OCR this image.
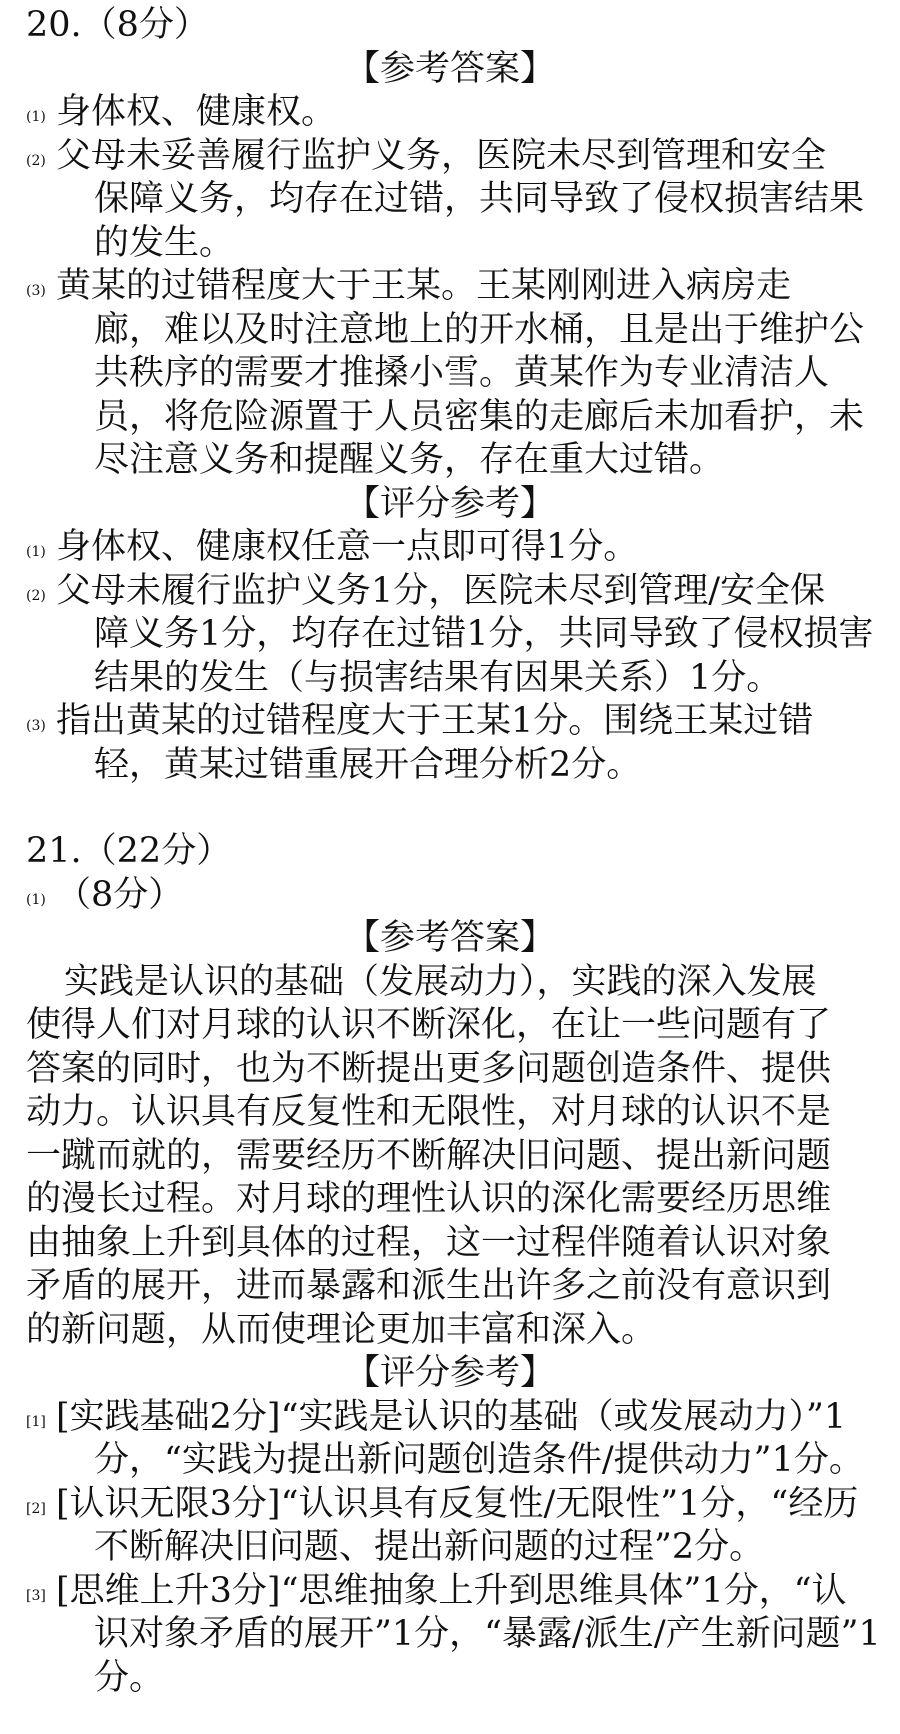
20.（8分）
【参考答案】
(1) 身体权、健康权。
(2) 父母未妥善履行监护义务，医院未尽到管理和安全
保障义务，均存在过错，共同导致了侵权损害结果
的发生。
(3) 黄某的过错程度大于王某。王某刚刚进入病房走
廊，难以及时注意地上的开水桶，且是出于维护公
共秩序的需要才推搡小雪。黄某作为专业清洁人
员，将危险源置于人员密集的走廊后未加看护，未
尽注意义务和提醒义务，存在重大过错。
【评分参考】
(1) 身体权、健康权任意一点即可得1分。
(2) 父母未履行监护义务1分，医院未尽到管理/安全保
障义务1分，均存在过错1分，共同导致了侵权损害
结果的发生（与损害结果有因果关系）1分。
(3) 指出黄某的过错程度大于王某1分。围绕王某过错
轻，黄某过错重展开合理分析2分。
21.（22分）
(1) （8分）
【参考答案】
实践是认识的基础（发展动力），实践的深入发展
使得人们对月球的认识不断深化，在让一些问题有了
答案的同时，也为不断提出更多问题创造条件、提供
动力。认识具有反复性和无限性，对月球的认识不是
一蹴而就的，需要经历不断解决旧问题、提出新问题
的漫长过程。对月球的理性认识的深化需要经历思维
由抽象上升到具体的过程，这一过程伴随着认识对象
矛盾的展开，进而暴露和派生出许多之前没有意识到
的新问题，从而使理论更加丰富和深入。
【评分参考】
[1] [实践基础2分]“实践是认识的基础（或发展动力）”1
分，“实践为提出新问题创造条件/提供动力”1分。
[2] [认识无限3分]“认识具有反复性/无限性”1分，“经历
不断解决旧问题、提出新问题的过程”2分。
[3] [思维上升3分]“思维抽象上升到思维具体”1分，“认
识对象矛盾的展开”1分，“暴露/派生/产生新问题”1
分。
